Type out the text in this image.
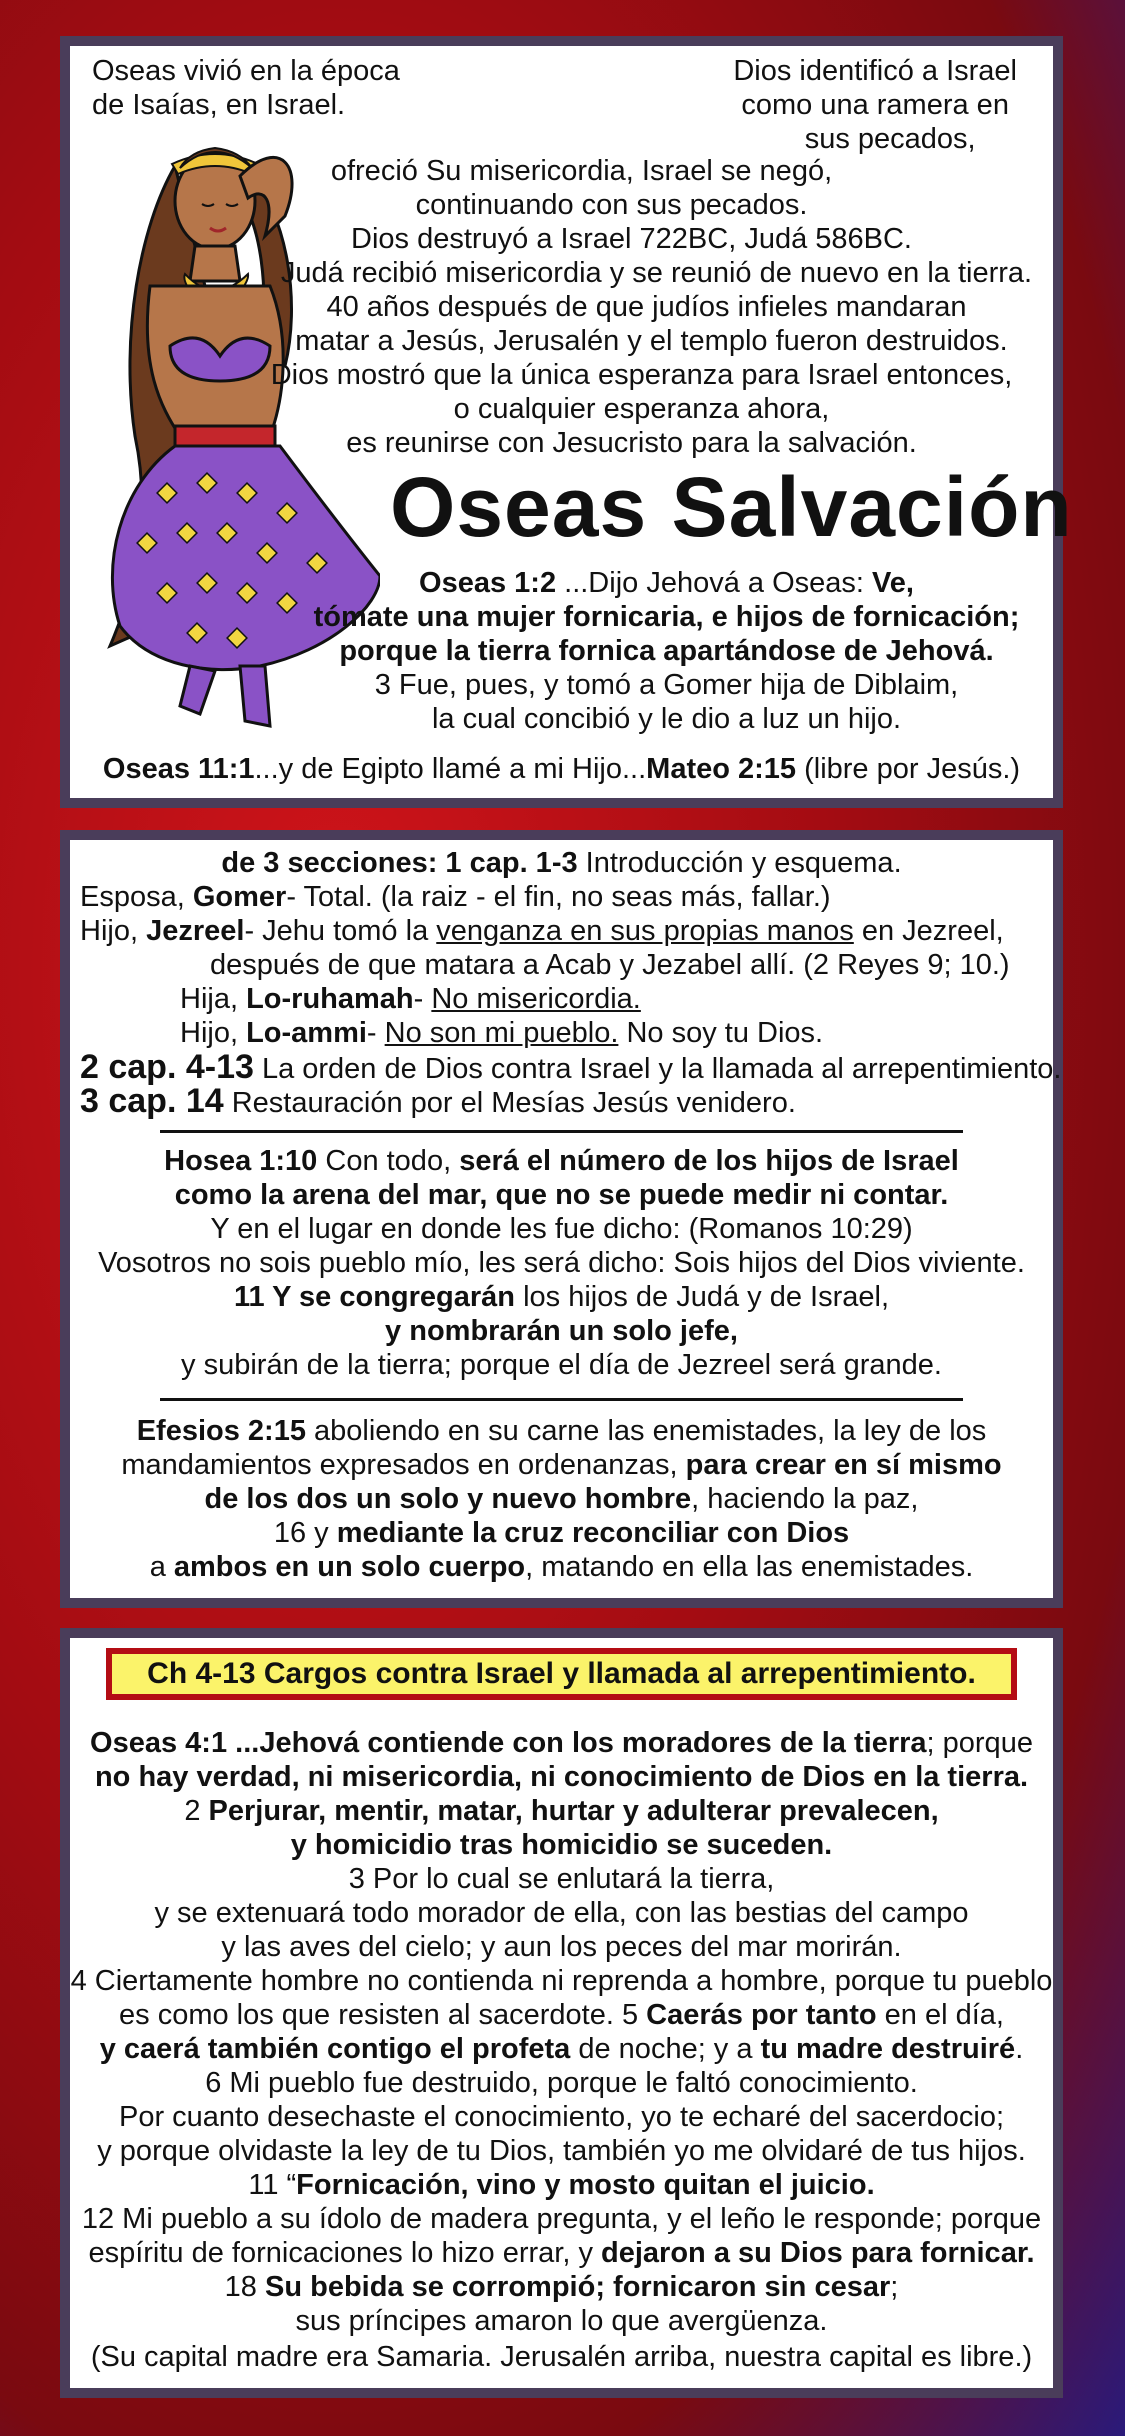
Oseas vivió en la época
de Isaías, en Israel.
Dios identificó a Israel
como una ramera en
sus pecados,
ofreció Su misericordia, Israel se negó,
continuando con sus pecados.
Dios destruyó a Israel 722BC, Judá 586BC.
Judá recibió misericordia y se reunió de nuevo en la tierra.
40 años después de que judíos infieles mandaran
matar a Jesús, Jerusalén y el templo fueron destruidos.
Dios mostró que la única esperanza para Israel entonces,
o cualquier esperanza ahora,
es reunirse con Jesucristo para la salvación.
Oseas Salvación
Oseas 1:2 ...Dijo Jehová a Oseas: Ve,
tómate una mujer fornicaria, e hijos de fornicación;
porque la tierra fornica apartándose de Jehová.
3 Fue, pues, y tomó a Gomer hija de Diblaim,
la cual concibió y le dio a luz un hijo.
Oseas 11:1...y de Egipto llamé a mi Hijo...Mateo 2:15 (libre por Jesús.)
de 3 secciones: 1 cap. 1-3 Introducción y esquema.
Esposa, Gomer- Total. (la raiz - el fin, no seas más, fallar.)
Hijo, Jezreel- Jehu tomó la venganza en sus propias manos en Jezreel,
después de que matara a Acab y Jezabel allí. (2 Reyes 9; 10.)
Hija, Lo-ruhamah- No misericordia.
Hijo, Lo-ammi- No son mi pueblo. No soy tu Dios.
2 cap. 4-13 La orden de Dios contra Israel y la llamada al arrepentimiento.
3 cap. 14 Restauración por el Mesías Jesús venidero.
Hosea 1:10 Con todo, será el número de los hijos de Israel
como la arena del mar, que no se puede medir ni contar.
Y en el lugar en donde les fue dicho: (Romanos 10:29)
Vosotros no sois pueblo mío, les será dicho: Sois hijos del Dios viviente.
11 Y se congregarán los hijos de Judá y de Israel,
y nombrarán un solo jefe,
y subirán de la tierra; porque el día de Jezreel será grande.
Efesios 2:15 aboliendo en su carne las enemistades, la ley de los
mandamientos expresados en ordenanzas, para crear en sí mismo
de los dos un solo y nuevo hombre, haciendo la paz,
16 y mediante la cruz reconciliar con Dios
a ambos en un solo cuerpo, matando en ella las enemistades.
Ch 4-13 Cargos contra Israel y llamada al arrepentimiento.
Oseas 4:1 ...Jehová contiende con los moradores de la tierra; porque
no hay verdad, ni misericordia, ni conocimiento de Dios en la tierra.
2 Perjurar, mentir, matar, hurtar y adulterar prevalecen,
y homicidio tras homicidio se suceden.
3 Por lo cual se enlutará la tierra,
y se extenuará todo morador de ella, con las bestias del campo
y las aves del cielo; y aun los peces del mar morirán.
4 Ciertamente hombre no contienda ni reprenda a hombre, porque tu pueblo
es como los que resisten al sacerdote. 5 Caerás por tanto en el día,
y caerá también contigo el profeta de noche; y a tu madre destruiré.
6 Mi pueblo fue destruido, porque le faltó conocimiento.
Por cuanto desechaste el conocimiento, yo te echaré del sacerdocio;
y porque olvidaste la ley de tu Dios, también yo me olvidaré de tus hijos.
11 “Fornicación, vino y mosto quitan el juicio.
12 Mi pueblo a su ídolo de madera pregunta, y el leño le responde; porque
espíritu de fornicaciones lo hizo errar, y dejaron a su Dios para fornicar.
18 Su bebida se corrompió; fornicaron sin cesar;
sus príncipes amaron lo que avergüenza.
(Su capital madre era Samaria. Jerusalén arriba, nuestra capital es libre.)
